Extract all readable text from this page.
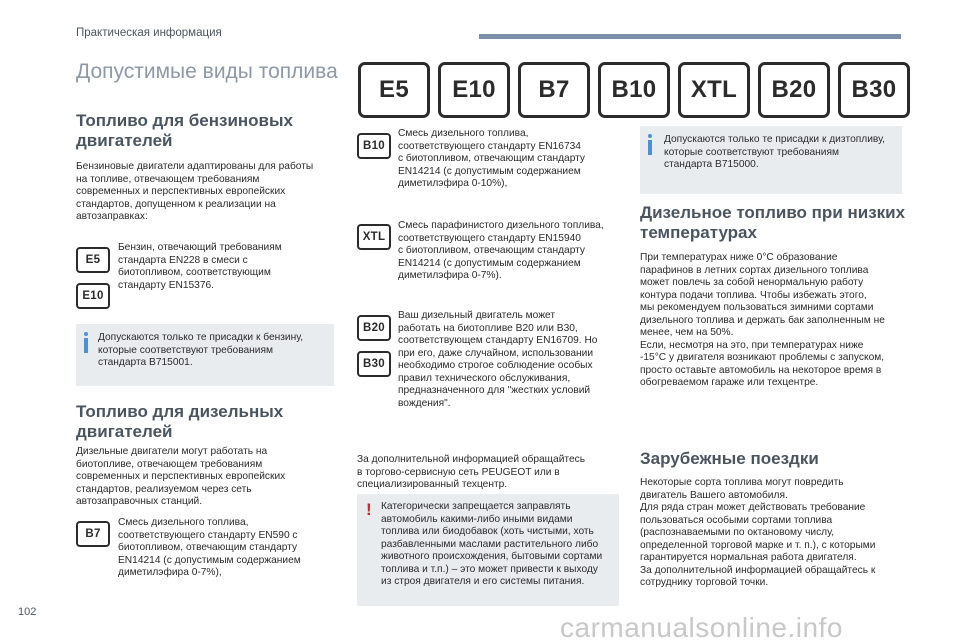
Практическая информация
Допустимые виды топлива
E5	E10	B7	B10	XTL	B20	B30
Топливо для бензиновых
двигателей
Бензиновые двигатели адаптированы для работы
на топливе, отвечающем требованиям
современных и перспективных европейских
стандартов, допущенном к реализации на
автозаправках:
E5
E10
Бензин, отвечающий требованиям
стандарта EN228 в смеси с
биотопливом, соответствующим
стандарту EN15376.
Допускаются только те присадки к бензину,
которые соответствуют требованиям
стандарта B715001.
Топливо для дизельных
двигателей
Дизельные двигатели могут работать на
биотопливе, отвечающем требованиям
современных и перспективных европейских
стандартов, реализуемом через сеть
автозаправочных станций.
B7
Смесь дизельного топлива,
соответствующего стандарту EN590 с
биотопливом, отвечающим стандарту
EN14214 (с допустимым содержанием
диметилэфира 0-7%),
B10
Смесь дизельного топлива,
соответствующего стандарту EN16734
с биотопливом, отвечающим стандарту
EN14214 (с допустимым содержанием
диметилэфира 0-10%),
XTL
Смесь парафинистого дизельного топлива,
соответствующего стандарту EN15940
с биотопливом, отвечающим стандарту
EN14214 (с допустимым содержанием
диметилэфира 0-7%).
B20
B30
Ваш дизельный двигатель может
работать на биотопливе B20 или B30,
соответствующем стандарту EN16709. Но
при его, даже случайном, использовании
необходимо строгое соблюдение особых
правил технического обслуживания,
предназначенного для "жестких условий
вождения".
За дополнительной информацией обращайтесь
в торгово-сервисную сеть PEUGEOT или в
специализированный техцентр.
! Категорически запрещается заправлять
автомобиль какими-либо иными видами
топлива или биодобавок (хоть чистыми, хоть
разбавленными маслами растительного либо
животного происхождения, бытовыми сортами
топлива и т.п.) – это может привести к выходу
из строя двигателя и его системы питания.
Допускаются только те присадки к дизтопливу,
которые соответствуют требованиям
стандарта B715000.
Дизельное топливо при низких
температурах
При температурах ниже 0°C образование
парафинов в летних сортах дизельного топлива
может повлечь за собой ненормальную работу
контура подачи топлива. Чтобы избежать этого,
мы рекомендуем пользоваться зимними сортами
дизельного топлива и держать бак заполненным не
менее, чем на 50%.
Если, несмотря на это, при температурах ниже
-15°C у двигателя возникают проблемы с запуском,
просто оставьте автомобиль на некоторое время в
обогреваемом гараже или техцентре.
Зарубежные поездки
Некоторые сорта топлива могут повредить
двигатель Вашего автомобиля.
Для ряда стран может действовать требование
пользоваться особыми сортами топлива
(распознаваемыми по октановому числу,
определенной торговой марке и т. п.), с которыми
гарантируется нормальная работа двигателя.
За дополнительной информацией обращайтесь к
сотруднику торговой точки.
102	carmanualsonline.info
